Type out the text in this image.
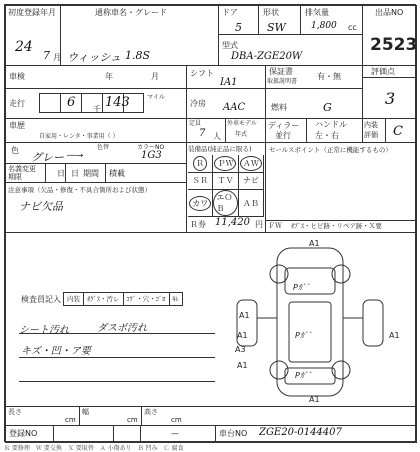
初度登録年月
24
7 月
通称車名・グレード
ウィッシュ 1.8S
ドア
5
形状
SW
排気量
1,800 cc
型式
DBA-ZGE20W
出品NO
2523
車検	年	月	シフト
IA1
保証書
取扱説明書
有・無
評価点
3
走行	6 143
千
マイル
冷房 AAC	燃料	G
車歴
自家用・レンタ・事業用（ ）
定員
7 人
外車モデル
年式
ディラー
並行
ハンドル
左・右
内装
評価 C
色
グレー ──→
色替	カラーNO
1G3
装備品(純正品に限る)
Ｒ	ＰＷ	ＡＷ
ＳＲ ＴＶ ナビ
カワ
エＯＢ
ＡＢ
Ｒ券 11,420 円
セールスポイント（正常に機能するもの）
ＦＷ ｵﾌﾞｽ・ヒビ跡・リペア跡・Ｘ要
名義変更
期限	日 日 期間 積載
注意事項（欠品・修復・不具合箇所および状態）
ナビ欠品
検査員記入 内装	ｵｸﾞｽ・汚レ	ｺｹﾞ・穴・ｺﾞﾛ	ｷﾚ
シート汚れ	ダスボ汚れ
キズ・凹・ア要
A1
A1
A1
A3
A1
A1
A1
Pｶﾞﾞ
Pｶﾞﾞ
Pｶﾞﾞ
長さ
cm
幅
cm
高さ
cm
登録NO	—	車台NO ZGE20-0144407
Ｒ 要修理　Ｗ 要交換　Ｘ 要取替　Ａ 小傷あり　Ｂ 凹み　Ｃ 腐食
